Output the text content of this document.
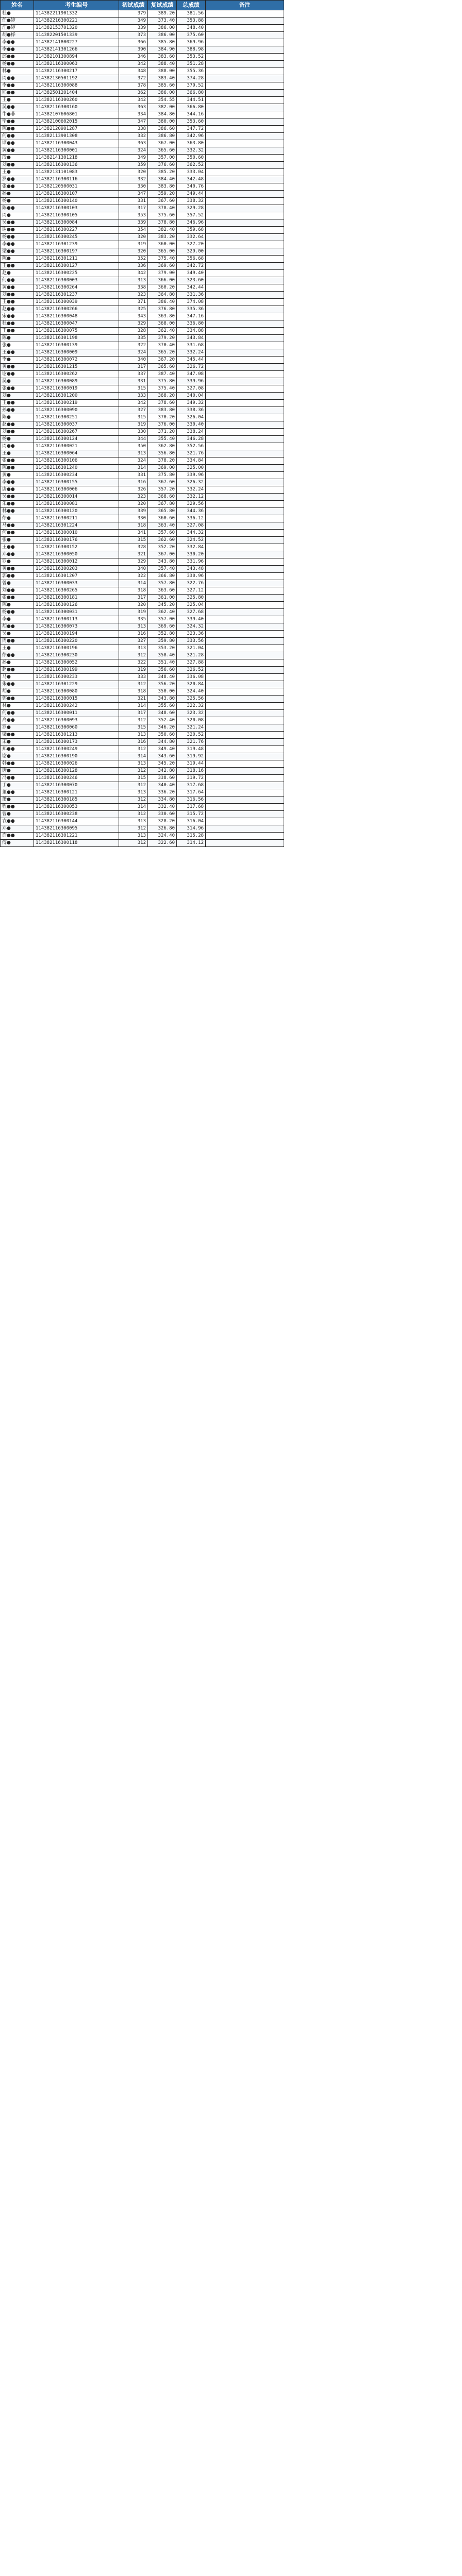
姓名	考生编号	初试成绩	复试成绩	总成绩	备注
杜●	114382211901332	379	389.20	381.56	
任●婷	114382216300221	349	373.40	353.88	
汪●婷	114382153701320	339	386.00	348.40	
胡●桦	114382201501339	373	386.00	375.60	
李●●	114382141800227	366	385.80	369.96	
李●●	114382141301266	390	384.90	388.98	
邱●●	114382101300894	346	383.60	353.52	
杨●●	114382116300063	342	388.40	351.28	
林●	114382116300217	348	388.00	355.36	
周●●	114382130501192	372	383.40	374.28	
李●●	114382116300088	378	385.60	379.52	
熊●●	114382501201404	362	386.00	366.80	
王●	114382116300260	342	354.55	344.51	
吴●●	114382116300160	363	382.00	366.80	
牛●菲	114382107606801	334	384.80	344.16	
毕●●	114382100602015	347	380.00	353.60	
陈●●	114382120901287	338	386.60	347.72	
何●●	114382113901308	332	386.80	342.96	
谭●●	114382116300043	363	367.00	363.80	
黄●●	114382116300001	324	365.60	332.32	
段●	114382141301218	349	357.00	350.60	
刘●●	114382116300136	359	376.60	362.52	
王●	114382131101083	320	385.20	333.04	
罗●●	114382116300116	332	384.40	342.48	
张●●	114382120500031	330	383.80	340.76	
孙●	114382116300107	347	359.20	349.44	
杨●	114382116300140	331	367.60	338.32	
陈●●	114382116300103	317	378.40	329.28	
周●	114382116300105	353	375.60	357.52	
吴●●	114382116300084	339	378.80	346.96	
谢●●	114382116300227	354	382.40	359.68	
杨●●	114382116300245	320	383.20	332.64	
李●●	114382116301239	319	360.00	327.20	
梁●●	114382116300197	320	365.00	329.00	
陈●	114382116301211	352	375.40	356.68	
王●●	114382116300127	336	369.60	342.72	
赵●	114382116300225	342	379.00	349.40	
何●●	114382116300003	313	366.00	323.60	
黄●●	114382116300264	338	360.20	342.44	
刘●●	114382116301237	323	364.80	331.36	
王●●	114382116300039	371	386.40	374.08	
赵●●	114382116300266	325	376.80	335.36	
宋●●	114382116300048	343	363.80	347.16	
杜●●	114382116300047	329	368.00	336.80	
王●●	114382116300075	328	362.40	334.88	
陈●	114382116301198	335	379.20	343.84	
张●	114382116300139	322	370.40	331.68	
王●●	114382116300009	324	365.20	332.24	
李●	114382116300072	340	367.20	345.44	
黄●●	114382116301215	317	365.60	326.72	
谢●●	114382116300262	337	387.40	347.08	
吴●	114382116300089	331	375.80	339.96	
张●●	114382116300019	315	375.40	327.08	
刘●	114382116301200	333	368.20	340.04	
王●●	114382116300219	342	378.60	349.32	
孙●●	114382116300090	327	383.80	338.36	
陈●	114382116300251	315	370.20	326.04	
赵●●	114382116300037	319	376.00	330.40	
刘●●	114382116300267	330	371.20	338.24	
杨●	114382116300124	344	355.40	346.28	
周●●	114382116300021	350	362.80	352.56	
王●	114382116300064	313	356.80	321.76	
张●●	114382116300106	324	378.20	334.84	
陈●●	114382116301240	314	369.00	325.00	
黄●	114382116300234	331	375.80	339.96	
李●●	114382116300155	316	367.60	326.32	
唐●●	114382116300006	326	357.20	332.24	
吴●●	114382116300014	323	368.60	332.12	
朱●●	114382116300081	320	367.80	329.56	
林●●	114382116300120	339	365.80	344.36	
徐●	114382116300211	330	360.60	336.12	
马●●	114382116301224	318	363.40	327.08	
何●●	114382116300010	341	357.60	344.32	
张●	114382116300176	315	362.60	324.52	
王●●	114382116300152	328	352.20	332.84	
邓●●	114382116300050	321	367.00	330.20	
罗●	114382116300012	329	343.80	331.96	
黄●●	114382116300203	340	357.40	343.48	
郭●●	114382116301207	322	366.80	330.96	
曾●	114382116300033	314	357.80	322.76	
刘●●	114382116300265	318	363.60	327.12	
张●●	114382116300181	317	361.00	325.80	
陈●	114382116300126	320	345.20	325.04	
杨●●	114382116300031	319	362.40	327.68	
李●	114382116300113	335	357.00	339.40	
胡●●	114382116300073	313	369.60	324.32	
吴●	114382116300194	316	352.80	323.36	
周●●	114382116300220	327	359.80	333.56	
王●	114382116300196	313	353.20	321.04	
徐●●	114382116300230	312	358.40	321.28	
孙●	114382116300052	322	351.40	327.88	
赵●●	114382116300199	319	356.60	326.52	
马●	114382116300233	333	348.40	336.08	
朱●●	114382116301229	312	356.20	320.84	
胡●	114382116300080	318	350.00	324.40	
郭●●	114382116300015	321	343.80	325.56	
林●	114382116300242	314	355.60	322.32	
何●●	114382116300011	317	348.60	323.32	
高●●	114382116300093	312	352.40	320.08	
罗●	114382116300060	315	346.20	321.24	
梁●●	114382116301213	313	350.60	320.52	
宋●	114382116300173	316	344.80	321.76	
郑●●	114382116300249	312	349.40	319.48	
谢●	114382116300190	314	343.60	319.92	
韩●●	114382116300026	313	345.20	319.44	
唐●	114382116300128	312	342.80	318.16	
冯●●	114382116300246	315	338.60	319.72	
于●	114382116300070	312	340.40	317.68	
董●●	114382116300121	313	336.20	317.64	
萧●	114382116300185	312	334.80	316.56	
程●●	114382116300053	314	332.40	317.68	
曹●	114382116300238	312	330.60	315.72	
袁●●	114382116300144	313	328.20	316.04	
邓●	114382116300095	312	326.80	314.96	
许●●	114382116301221	313	324.40	315.28	
傅●	114382116300118	312	322.60	314.12	
